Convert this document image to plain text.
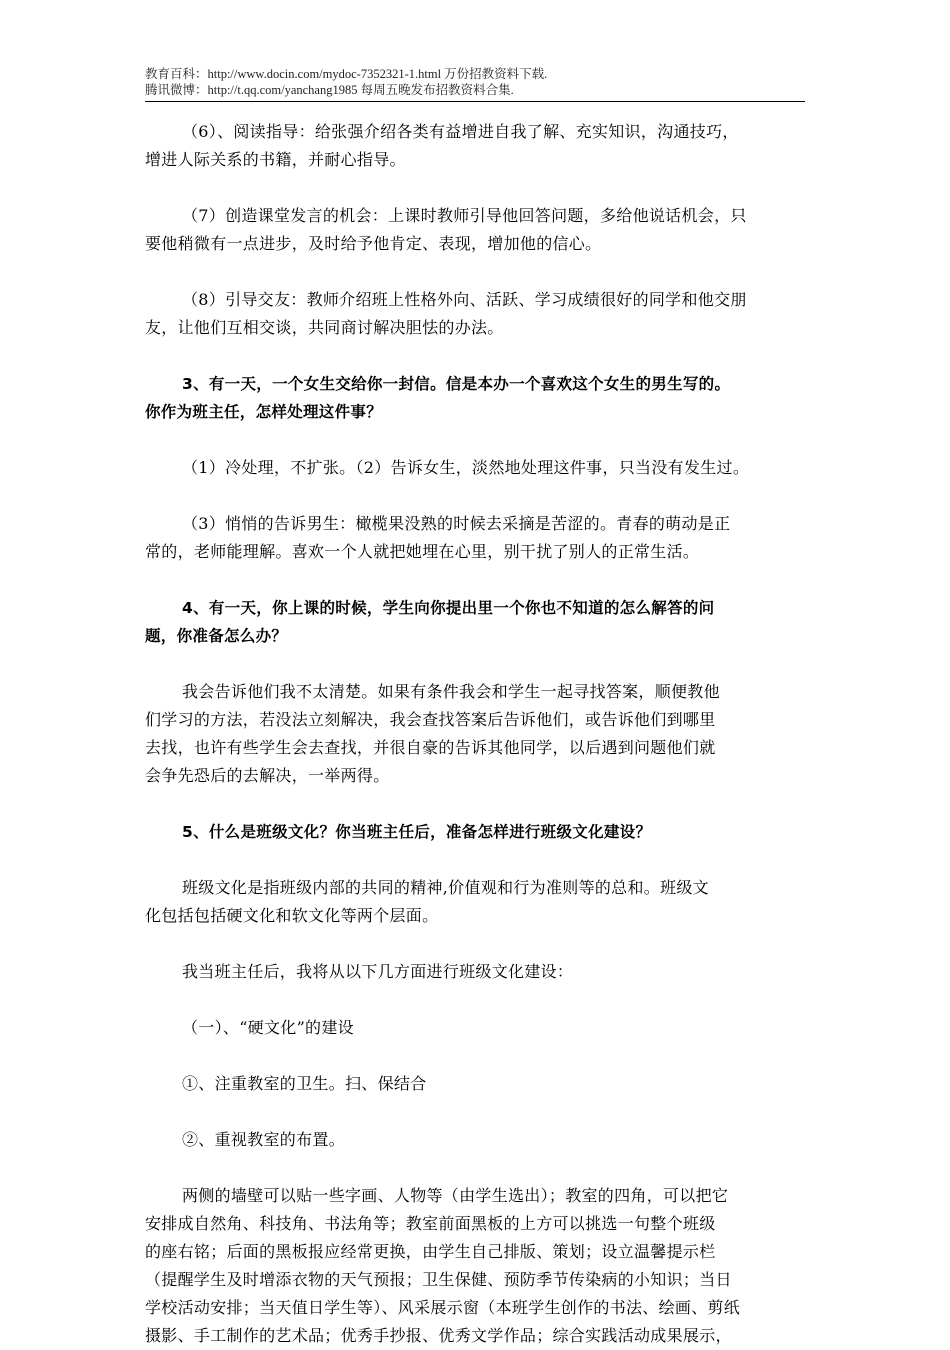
教育百科：http://www.docin.com/mydoc-7352321-1.html 万份招教资料下载.
腾讯微博：http://t.qq.com/yanchang1985 每周五晚发布招教资料合集.

（6）、阅读指导：给张强介绍各类有益增进自我了解、充实知识，沟通技巧，
增进人际关系的书籍，并耐心指导。

（7）创造课堂发言的机会：上课时教师引导他回答问题，多给他说话机会，只
要他稍微有一点进步，及时给予他肯定、表现，增加他的信心。

（8）引导交友：教师介绍班上性格外向、活跃、学习成绩很好的同学和他交朋
友，让他们互相交谈，共同商讨解决胆怯的办法。

3、有一天，一个女生交给你一封信。信是本办一个喜欢这个女生的男生写的。
你作为班主任，怎样处理这件事？

（1）冷处理，不扩张。（2）告诉女生，淡然地处理这件事，只当没有发生过。

（3）悄悄的告诉男生：橄榄果没熟的时候去采摘是苦涩的。青春的萌动是正
常的，老师能理解。喜欢一个人就把她埋在心里，别干扰了别人的正常生活。

4、有一天，你上课的时候，学生向你提出里一个你也不知道的怎么解答的问
题，你准备怎么办？

我会告诉他们我不太清楚。如果有条件我会和学生一起寻找答案，顺便教他
们学习的方法，若没法立刻解决，我会查找答案后告诉他们，或告诉他们到哪里
去找，也许有些学生会去查找，并很自豪的告诉其他同学，以后遇到问题他们就
会争先恐后的去解决，一举两得。

5、什么是班级文化？你当班主任后，准备怎样进行班级文化建设？

班级文化是指班级内部的共同的精神,价值观和行为准则等的总和。班级文
化包括包括硬文化和软文化等两个层面。

我当班主任后，我将从以下几方面进行班级文化建设：

（一）、“硬文化”的建设

①、注重教室的卫生。扫、保结合

②、重视教室的布置。

两侧的墙壁可以贴一些字画、人物等（由学生选出）；教室的四角，可以把它
安排成自然角、科技角、书法角等；教室前面黑板的上方可以挑选一句整个班级
的座右铭；后面的黑板报应经常更换，由学生自己排版、策划；设立温馨提示栏
（提醒学生及时增添衣物的天气预报；卫生保健、预防季节传染病的小知识；当日
学校活动安排；当天值日学生等）、风采展示窗（本班学生创作的书法、绘画、剪纸
摄影、手工制作的艺术品；优秀手抄报、优秀文学作品；综合实践活动成果展示，
